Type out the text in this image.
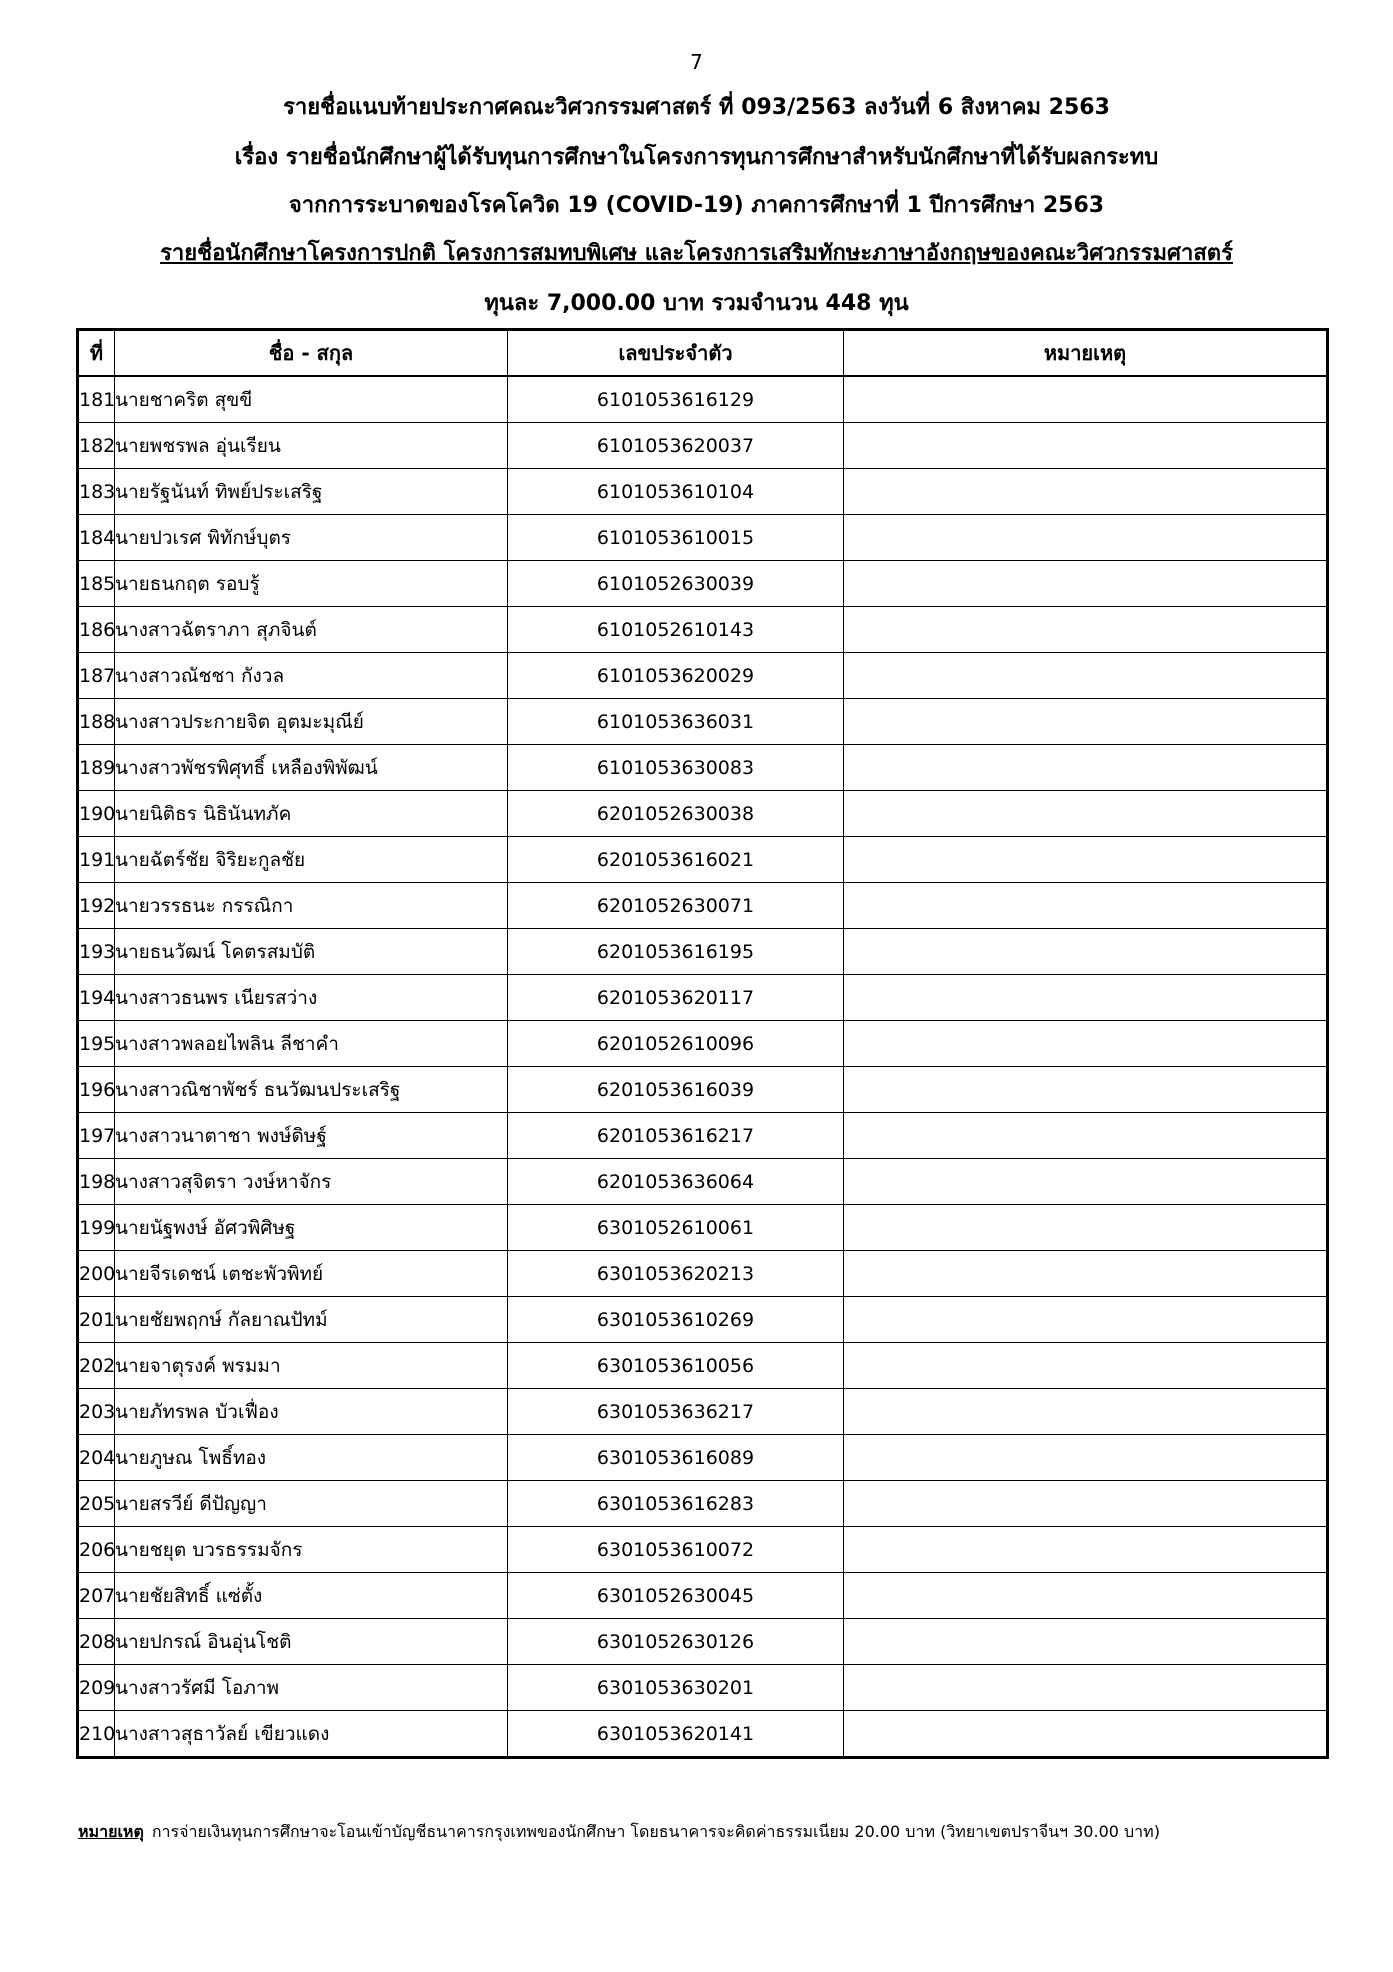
7
รายชื่อแนบท้ายประกาศคณะวิศวกรรมศาสตร์ ที่ 093/2563 ลงวันที่ 6 สิงหาคม 2563
เรื่อง รายชื่อนักศึกษาผู้ได้รับทุนการศึกษาในโครงการทุนการศึกษาสำหรับนักศึกษาที่ได้รับผลกระทบ
จากการระบาดของโรคโควิด 19 (COVID-19) ภาคการศึกษาที่ 1 ปีการศึกษา 2563
รายชื่อนักศึกษาโครงการปกติ โครงการสมทบพิเศษ และโครงการเสริมทักษะภาษาอังกฤษของคณะวิศวกรรมศาสตร์
ทุนละ 7,000.00 บาท รวมจำนวน 448 ทุน
ที่	ชื่อ - สกุล	เลขประจำตัว	หมายเหตุ
181	นายชาคริต สุขขี	6101053616129	
182	นายพชรพล อุ่นเรียน	6101053620037	
183	นายรัฐนันท์ ทิพย์ประเสริฐ	6101053610104	
184	นายปวเรศ พิทักษ์บุตร	6101053610015	
185	นายธนกฤต รอบรู้	6101052630039	
186	นางสาวฉัตราภา สุภจินต์	6101052610143	
187	นางสาวณัชชา กังวล	6101053620029	
188	นางสาวประกายจิต อุตมะมุณีย์	6101053636031	
189	นางสาวพัชรพิศุทธิ์ เหลืองพิพัฒน์	6101053630083	
190	นายนิติธร นิธินันทภัค	6201052630038	
191	นายฉัตร์ชัย จิริยะกูลชัย	6201053616021	
192	นายวรรธนะ กรรณิกา	6201052630071	
193	นายธนวัฒน์ โคตรสมบัติ	6201053616195	
194	นางสาวธนพร เนียรสว่าง	6201053620117	
195	นางสาวพลอยไพลิน ลีชาคำ	6201052610096	
196	นางสาวณิชาพัชร์ ธนวัฒนประเสริฐ	6201053616039	
197	นางสาวนาตาชา พงษ์ดิษฐ์	6201053616217	
198	นางสาวสุจิตรา วงษ์หาจักร	6201053636064	
199	นายนัฐพงษ์ อัศวพิศิษฐ	6301052610061	
200	นายจีรเดชน์ เตชะพัวพิทย์	6301053620213	
201	นายชัยพฤกษ์ กัลยาณปัทม์	6301053610269	
202	นายจาตุรงค์ พรมมา	6301053610056	
203	นายภัทรพล บัวเฟื่อง	6301053636217	
204	นายภูษณ โพธิ์ทอง	6301053616089	
205	นายสรวีย์ ดีปัญญา	6301053616283	
206	นายชยุต บวรธรรมจักร	6301053610072	
207	นายชัยสิทธิ์ แซ่ตั้ง	6301052630045	
208	นายปกรณ์ อินอุ่นโชติ	6301052630126	
209	นางสาวรัศมี โอภาพ	6301053630201	
210	นางสาวสุธาวัลย์ เขียวแดง	6301053620141	
หมายเหตุ การจ่ายเงินทุนการศึกษาจะโอนเข้าบัญชีธนาคารกรุงเทพของนักศึกษา โดยธนาคารจะคิดค่าธรรมเนียม 20.00 บาท (วิทยาเขตปราจีนฯ 30.00 บาท)
